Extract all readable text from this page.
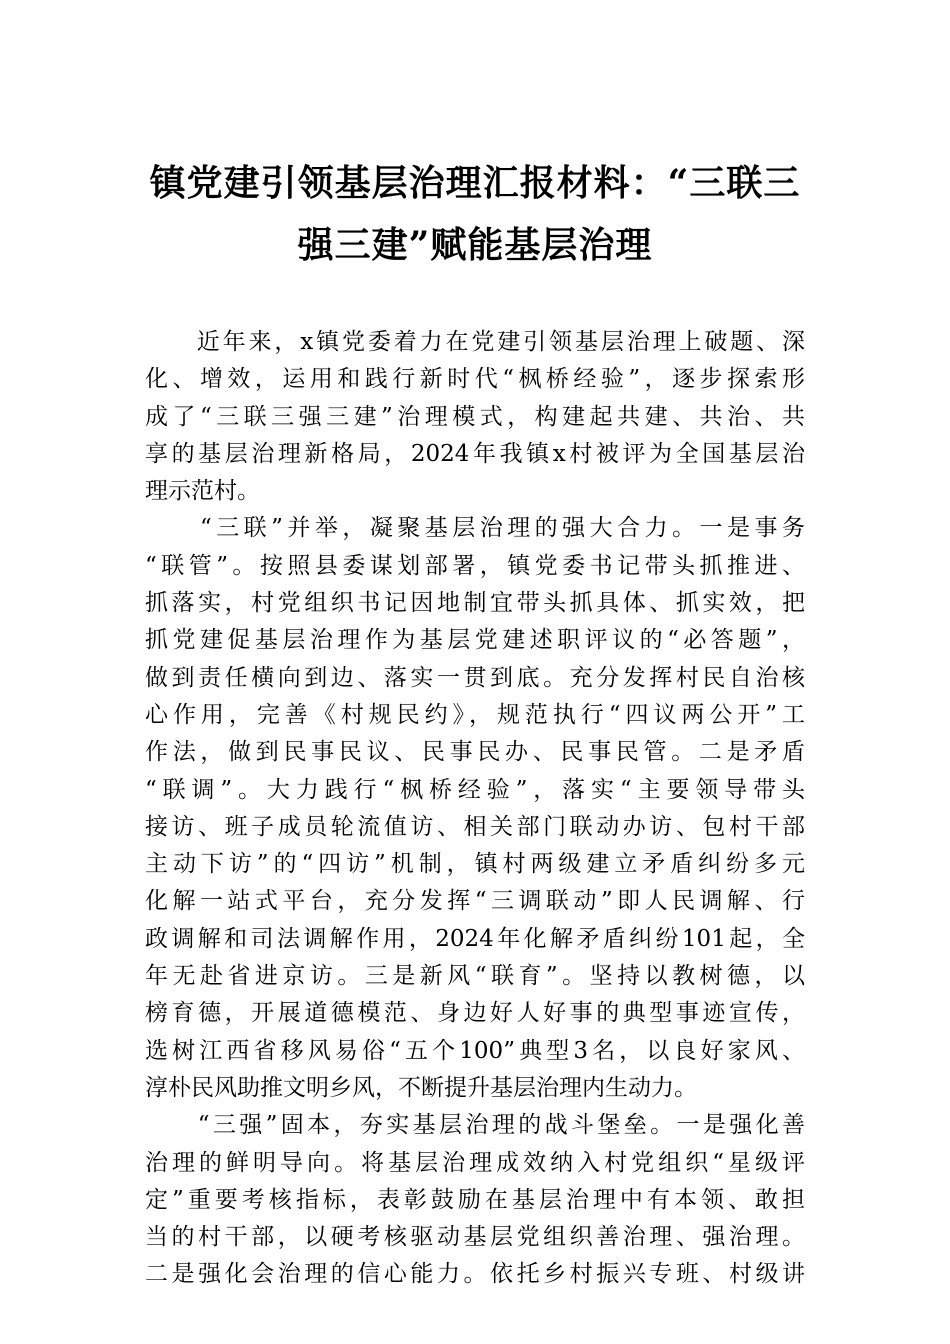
镇党建引领基层治理汇报材料：“三联三
强三建”赋能基层治理
　　近年来，x镇党委着力在党建引领基层治理上破题、深
化、增效，运用和践行新时代“枫桥经验”，逐步探索形
成了“三联三强三建”治理模式，构建起共建、共治、共
享的基层治理新格局，2024年我镇x村被评为全国基层治
理示范村。
　　“三联”并举，凝聚基层治理的强大合力。一是事务
“联管”。按照县委谋划部署，镇党委书记带头抓推进、
抓落实，村党组织书记因地制宜带头抓具体、抓实效，把
抓党建促基层治理作为基层党建述职评议的“必答题”，
做到责任横向到边、落实一贯到底。充分发挥村民自治核
心作用，完善《村规民约》，规范执行“四议两公开”工
作法，做到民事民议、民事民办、民事民管。二是矛盾
“联调”。大力践行“枫桥经验”，落实“主要领导带头
接访、班子成员轮流值访、相关部门联动办访、包村干部
主动下访”的“四访”机制，镇村两级建立矛盾纠纷多元
化解一站式平台，充分发挥“三调联动”即人民调解、行
政调解和司法调解作用，2024年化解矛盾纠纷101起，全
年无赴省进京访。三是新风“联育”。坚持以教树德，以
榜育德，开展道德模范、身边好人好事的典型事迹宣传，
选树江西省移风易俗“五个100”典型3名，以良好家风、
淳朴民风助推文明乡风，不断提升基层治理内生动力。
　　“三强”固本，夯实基层治理的战斗堡垒。一是强化善
治理的鲜明导向。将基层治理成效纳入村党组织“星级评
定”重要考核指标，表彰鼓励在基层治理中有本领、敢担
当的村干部，以硬考核驱动基层党组织善治理、强治理。
二是强化会治理的信心能力。依托乡村振兴专班、村级讲
